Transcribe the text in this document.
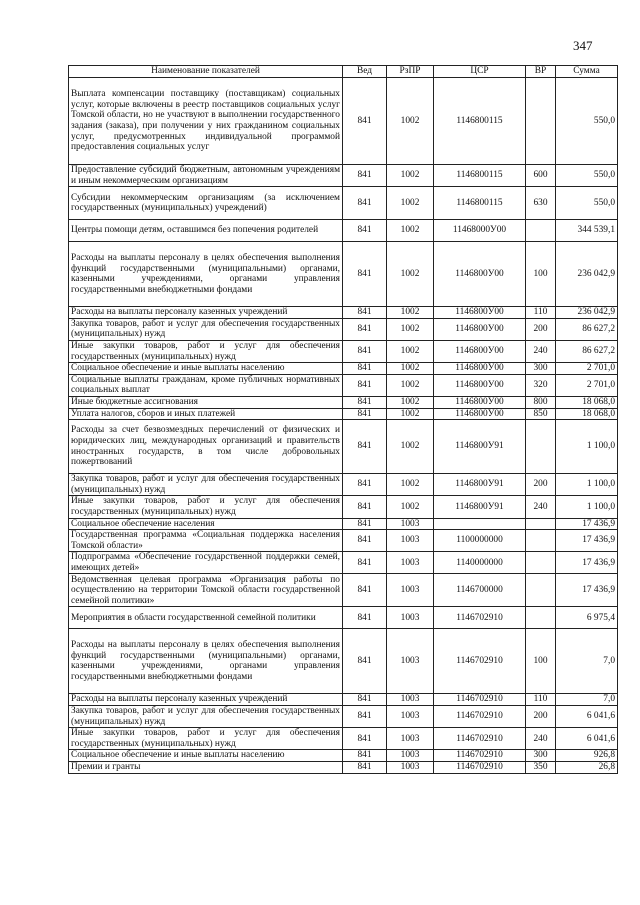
347
Наименование показателей	Вед	РзПР	ЦСР	ВР	Сумма
Выплата компенсации поставщику (поставщикам) социальных услуг, которые включены в реестр поставщиков социальных услуг Томской области, но не участвуют в выполнении государственного задания (заказа), при получении у них гражданином социальных услуг, предусмотренных индивидуальной программой предоставления социальных услуг	841	1002	1146800115		550,0
Предоставление субсидий бюджетным, автономным учреждениям и иным некоммерческим организациям	841	1002	1146800115	600	550,0
Субсидии некоммерческим организациям (за исключением государственных (муниципальных) учреждений)	841	1002	1146800115	630	550,0
Центры помощи детям, оставшимся без попечения родителей	841	1002	11468000У00		344 539,1
Расходы на выплаты персоналу в целях обеспечения выполнения функций государственными (муниципальными) органами, казенными учреждениями, органами управления государственными внебюджетными фондами	841	1002	1146800У00	100	236 042,9
Расходы на выплаты персоналу казенных учреждений	841	1002	1146800У00	110	236 042,9
Закупка товаров, работ и услуг для обеспечения государственных (муниципальных) нужд	841	1002	1146800У00	200	86 627,2
Иные закупки товаров, работ и услуг для обеспечения государственных (муниципальных) нужд	841	1002	1146800У00	240	86 627,2
Социальное обеспечение и иные выплаты населению	841	1002	1146800У00	300	2 701,0
Социальные выплаты гражданам, кроме публичных нормативных социальных выплат	841	1002	1146800У00	320	2 701,0
Иные бюджетные ассигнования	841	1002	1146800У00	800	18 068,0
Уплата налогов, сборов и иных платежей	841	1002	1146800У00	850	18 068,0
Расходы за счет безвозмездных перечислений от физических и юридических лиц, международных организаций и правительств иностранных государств, в том числе добровольных пожертвований	841	1002	1146800У91		1 100,0
Закупка товаров, работ и услуг для обеспечения государственных (муниципальных) нужд	841	1002	1146800У91	200	1 100,0
Иные закупки товаров, работ и услуг для обеспечения государственных (муниципальных) нужд	841	1002	1146800У91	240	1 100,0
Социальное обеспечение населения	841	1003			17 436,9
Государственная программа «Социальная поддержка населения Томской области»	841	1003	1100000000		17 436,9
Подпрограмма «Обеспечение государственной поддержки семей, имеющих детей»	841	1003	1140000000		17 436,9
Ведомственная целевая программа «Организация работы по осуществлению на территории Томской области государственной семейной политики»	841	1003	1146700000		17 436,9
Мероприятия в области государственной семейной политики	841	1003	1146702910		6 975,4
Расходы на выплаты персоналу в целях обеспечения выполнения функций государственными (муниципальными) органами, казенными учреждениями, органами управления государственными внебюджетными фондами	841	1003	1146702910	100	7,0
Расходы на выплаты персоналу казенных учреждений	841	1003	1146702910	110	7,0
Закупка товаров, работ и услуг для обеспечения государственных (муниципальных) нужд	841	1003	1146702910	200	6 041,6
Иные закупки товаров, работ и услуг для обеспечения государственных (муниципальных) нужд	841	1003	1146702910	240	6 041,6
Социальное обеспечение и иные выплаты населению	841	1003	1146702910	300	926,8
Премии и гранты	841	1003	1146702910	350	26,8
